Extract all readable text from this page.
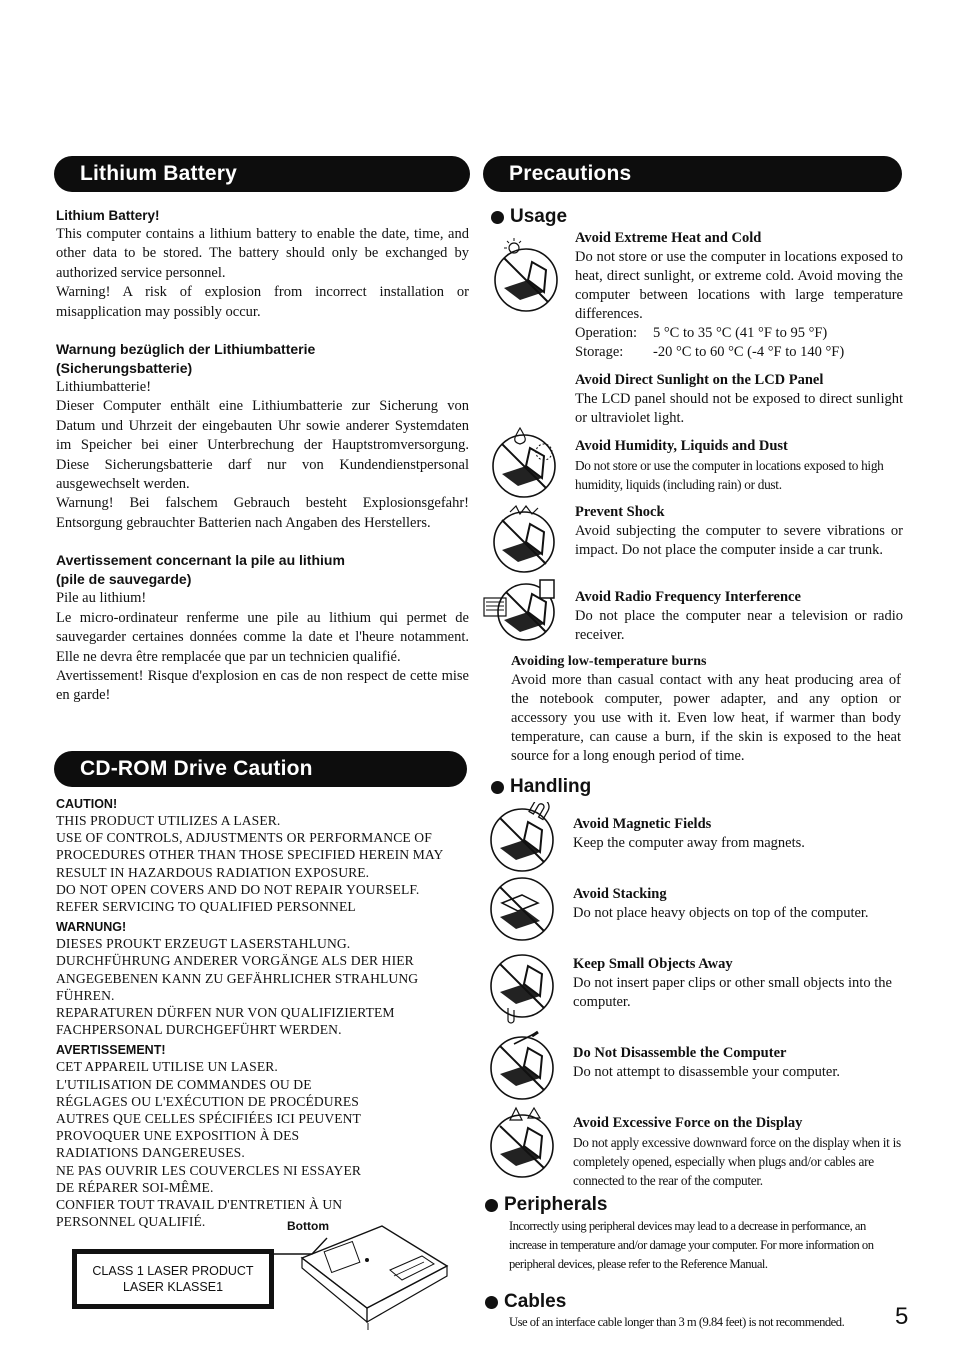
Lithium Battery

Lithium Battery!

This computer contains a lithium battery to enable the date, time, and other data to be stored. The battery should only be exchanged by authorized service personnel.
Warning! A risk of explosion from incorrect installation or misapplication may possibly occur.

Warnung bezüglich der Lithiumbatterie

(Sicherungsbatterie)

Lithiumbatterie!
Dieser Computer enthält eine Lithiumbatterie zur Sicherung von Datum und Uhrzeit der eingebauten Uhr sowie anderer Systemdaten im Speicher bei einer Unterbrechung der Hauptstromversorgung. Diese Sicherungsbatterie darf nur von Kundendienstpersonal ausgewechselt werden.
Warnung! Bei falschem Gebrauch besteht Explosionsgefahr! Entsorgung gebrauchter Batterien nach Angaben des Herstellers.

Avertissement concernant la pile au lithium

(pile de sauvegarde)

Pile au lithium!
Le micro-ordinateur renferme une pile au lithium qui permet de sauvegarder certaines données comme la date et l'heure notamment. Elle ne devra être remplacée que par un technicien qualifié.
Avertissement! Risque d'explosion en cas de non respect de cette mise en garde!

CD-ROM Drive Caution

CAUTION!

THIS PRODUCT UTILIZES A LASER.
USE OF CONTROLS, ADJUSTMENTS OR PERFORMANCE OF PROCEDURES OTHER THAN THOSE SPECIFIED HEREIN MAY RESULT IN HAZARDOUS RADIATION EXPOSURE.
DO NOT OPEN COVERS AND DO NOT REPAIR YOURSELF.
REFER SERVICING TO QUALIFIED PERSONNEL

WARNUNG!

DIESES PROUKT ERZEUGT LASERSTAHLUNG.
DURCHFÜHRUNG ANDERER VORGÄNGE ALS DER HIER ANGEGEBENEN KANN ZU GEFÄHRLICHER STRAHLUNG FÜHREN.
REPARATUREN DÜRFEN NUR VON QUALIFIZIERTEM FACHPERSONAL DURCHGEFÜHRT WERDEN.

AVERTISSEMENT!

CET APPAREIL UTILISE UN LASER.
L'UTILISATION DE COMMANDES OU DE RÉGLAGES OU L'EXÉCUTION DE PROCÉDURES AUTRES QUE CELLES SPÉCIFIÉES ICI PEUVENT PROVOQUER UNE EXPOSITION À DES RADIATIONS DANGEREUSES.
NE PAS OUVRIR LES COUVERCLES NI ESSAYER DE RÉPARER SOI-MÊME.
CONFIER TOUT TRAVAIL D'ENTRETIEN À UN PERSONNEL QUALIFIÉ.	Bottom
CLASS 1 LASER PRODUCT
LASER KLASSE1
Precautions
Usage

Avoid Extreme Heat and Cold

Do not store or use the computer in locations exposed to heat, direct sunlight, or extreme cold. Avoid moving the computer between locations with large temperature differences.

Operation: 5 °C to 35 °C (41 °F to 95 °F)
Storage: -20 °C to 60 °C (-4 °F to 140 °F)

Avoid Direct Sunlight on the LCD Panel

The LCD panel should not be exposed to direct sunlight or ultraviolet light.

Avoid Humidity, Liquids and Dust

Do not store or use the computer in locations exposed to high humidity, liquids (including rain) or dust.

Prevent Shock

Avoid subjecting the computer to severe vibrations or impact. Do not place the computer inside a car trunk.

Avoid Radio Frequency Interference

Do not place the computer near a television or radio receiver.

Avoiding low-temperature burns

Avoid more than casual contact with any heat producing area of the notebook computer, power adapter, and any option or accessory you use with it. Even low heat, if warmer than body temperature, can cause a burn, if the skin is exposed to the heat source for a long enough period of time.

Handling

Avoid Magnetic Fields

Keep the computer away from magnets.

Avoid Stacking

Do not place heavy objects on top of the computer.

Keep Small Objects Away

Do not insert paper clips or other small objects into the computer.

Do Not Disassemble the Computer

Do not attempt to disassemble your computer.

Avoid Excessive Force on the Display

Do not apply excessive downward force on the display when it is completely opened, especially when plugs and/or cables are connected to the rear of the computer.

Peripherals

Incorrectly using peripheral devices may lead to a decrease in performance, an increase in temperature and/or damage your computer. For more information on peripheral devices, please refer to the Reference Manual.

Cables

Use of an interface cable longer than 3 m (9.84 feet) is not recommended.	5
